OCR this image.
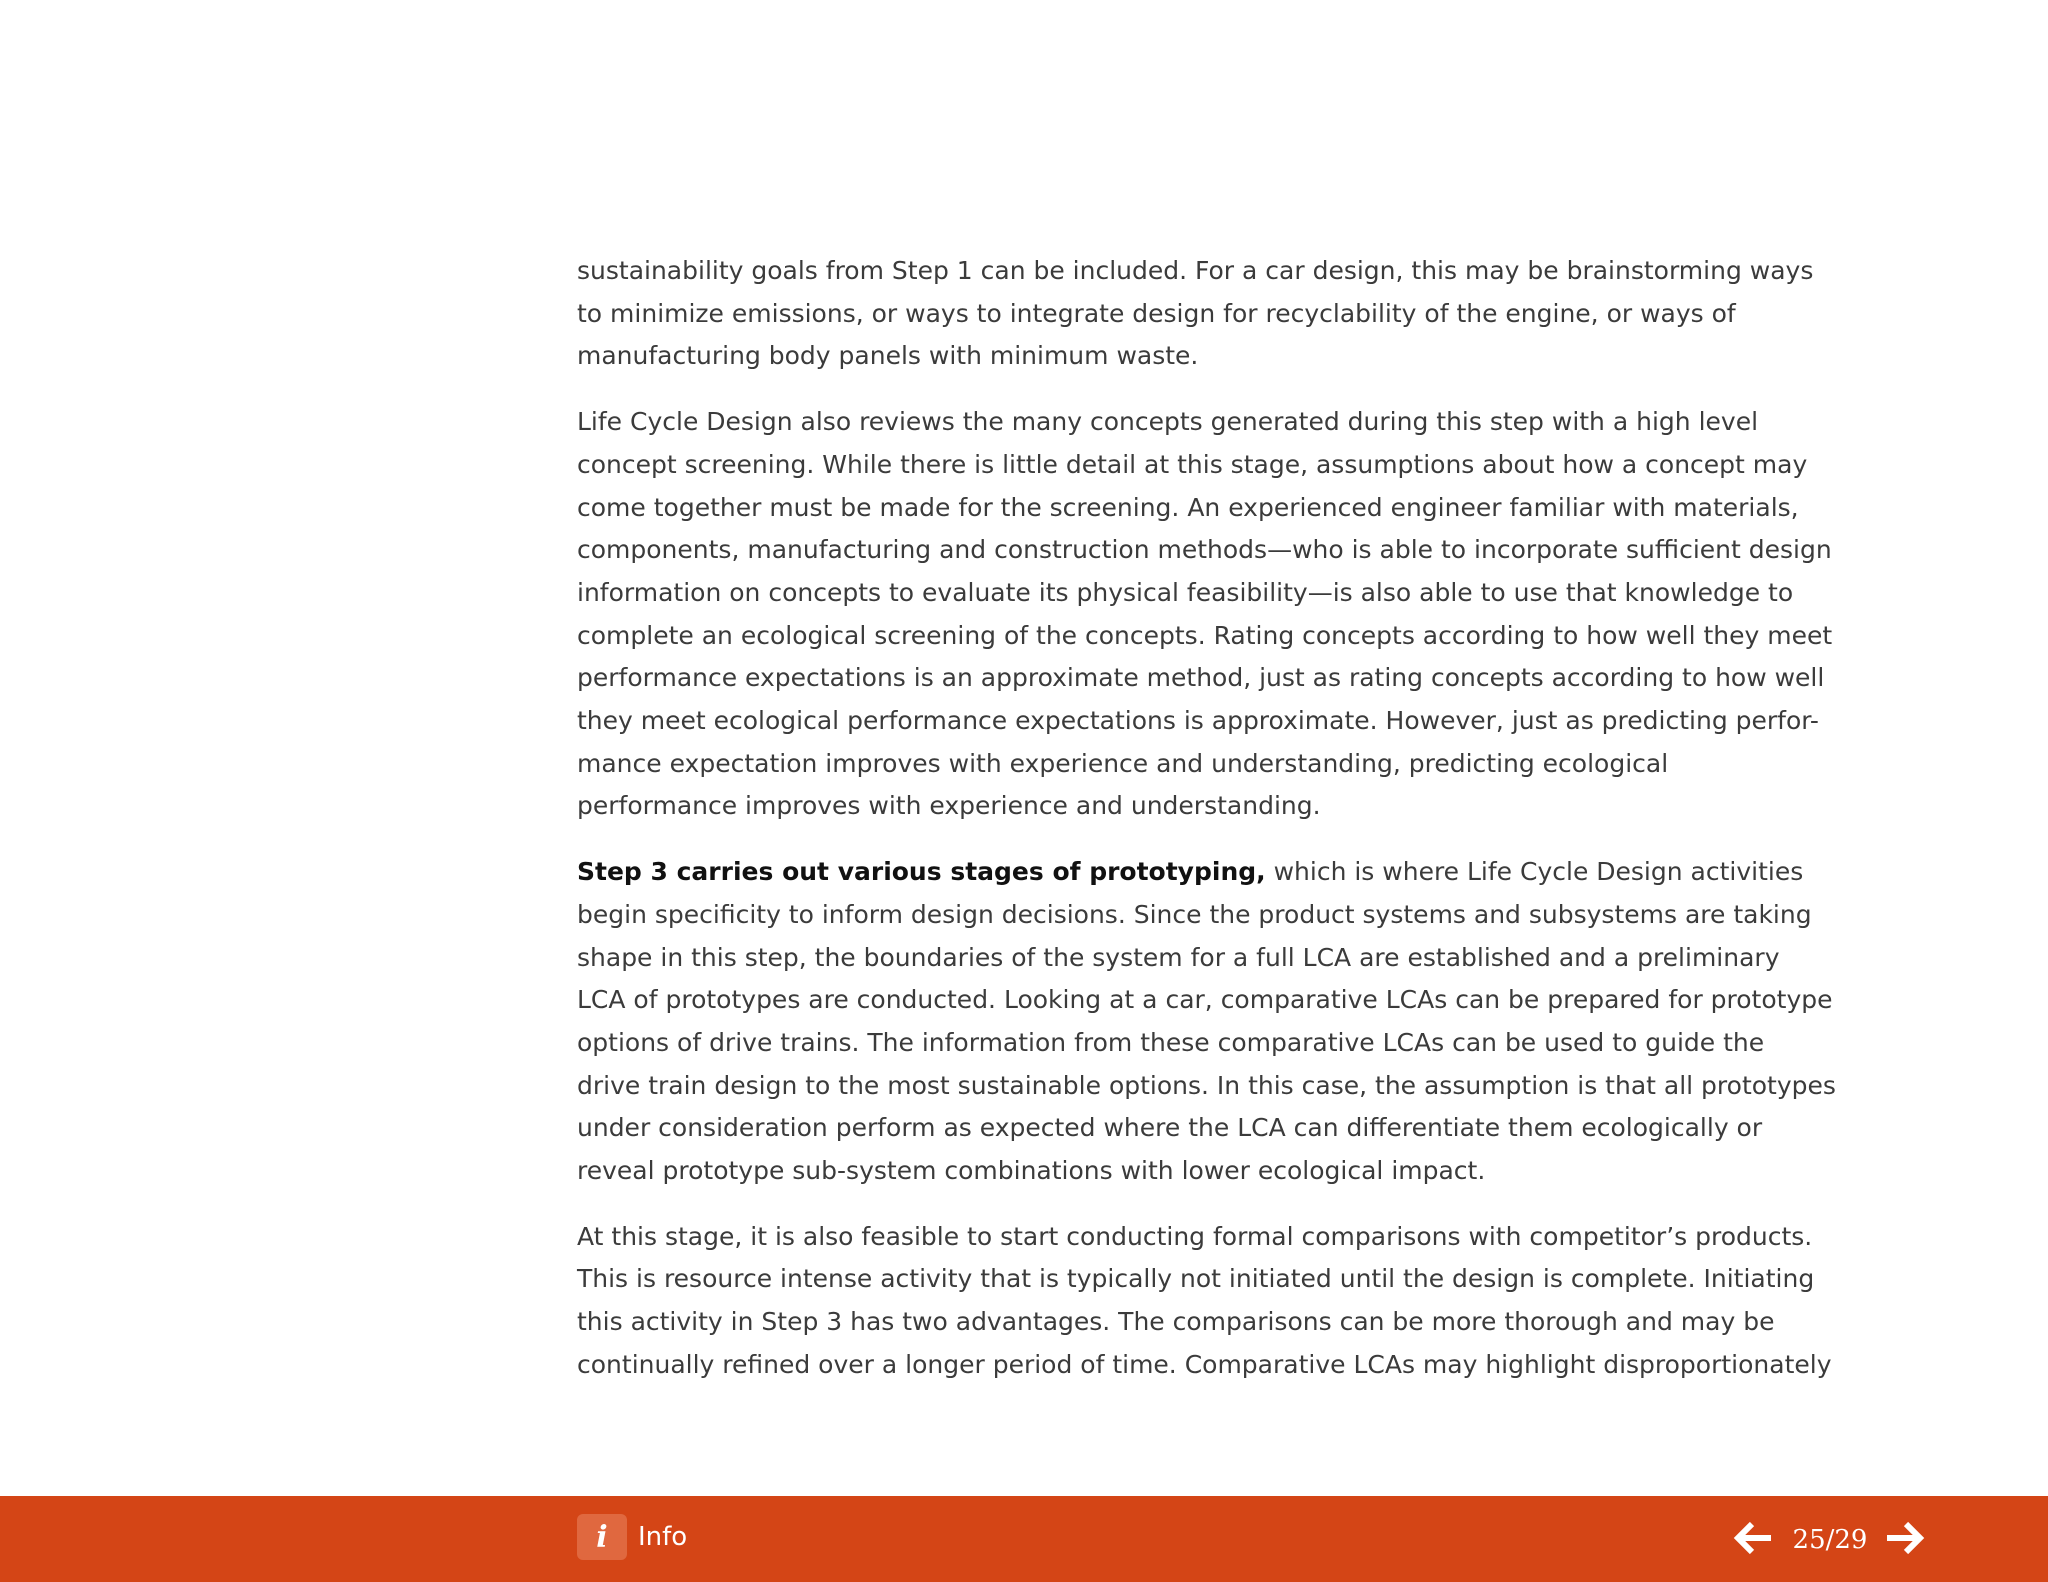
sustainability goals from Step 1 can be included. For a car design, this may be brainstorming ways
to minimize emissions, or ways to integrate design for recyclability of the engine, or ways of
manufacturing body panels with minimum waste.

Life Cycle Design also reviews the many concepts generated during this step with a high level
concept screening. While there is little detail at this stage, assumptions about how a concept may
come together must be made for the screening. An experienced engineer familiar with materials,
components, manufacturing and construction methods—who is able to incorporate sufficient design
information on concepts to evaluate its physical feasibility—is also able to use that knowledge to
complete an ecological screening of the concepts. Rating concepts according to how well they meet
performance expectations is an approximate method, just as rating concepts according to how well
they meet ecological performance expectations is approximate. However, just as predicting perfor-
mance expectation improves with experience and understanding, predicting ecological
performance improves with experience and understanding.

Step 3 carries out various stages of prototyping, which is where Life Cycle Design activities
begin specificity to inform design decisions. Since the product systems and subsystems are taking
shape in this step, the boundaries of the system for a full LCA are established and a preliminary
LCA of prototypes are conducted. Looking at a car, comparative LCAs can be prepared for prototype
options of drive trains. The information from these comparative LCAs can be used to guide the
drive train design to the most sustainable options. In this case, the assumption is that all prototypes
under consideration perform as expected where the LCA can differentiate them ecologically or
reveal prototype sub-system combinations with lower ecological impact.

At this stage, it is also feasible to start conducting formal comparisons with competitor’s products.
This is resource intense activity that is typically not initiated until the design is complete. Initiating
this activity in Step 3 has two advantages. The comparisons can be more thorough and may be
continually refined over a longer period of time. Comparative LCAs may highlight disproportionately

i	Info	25/29
